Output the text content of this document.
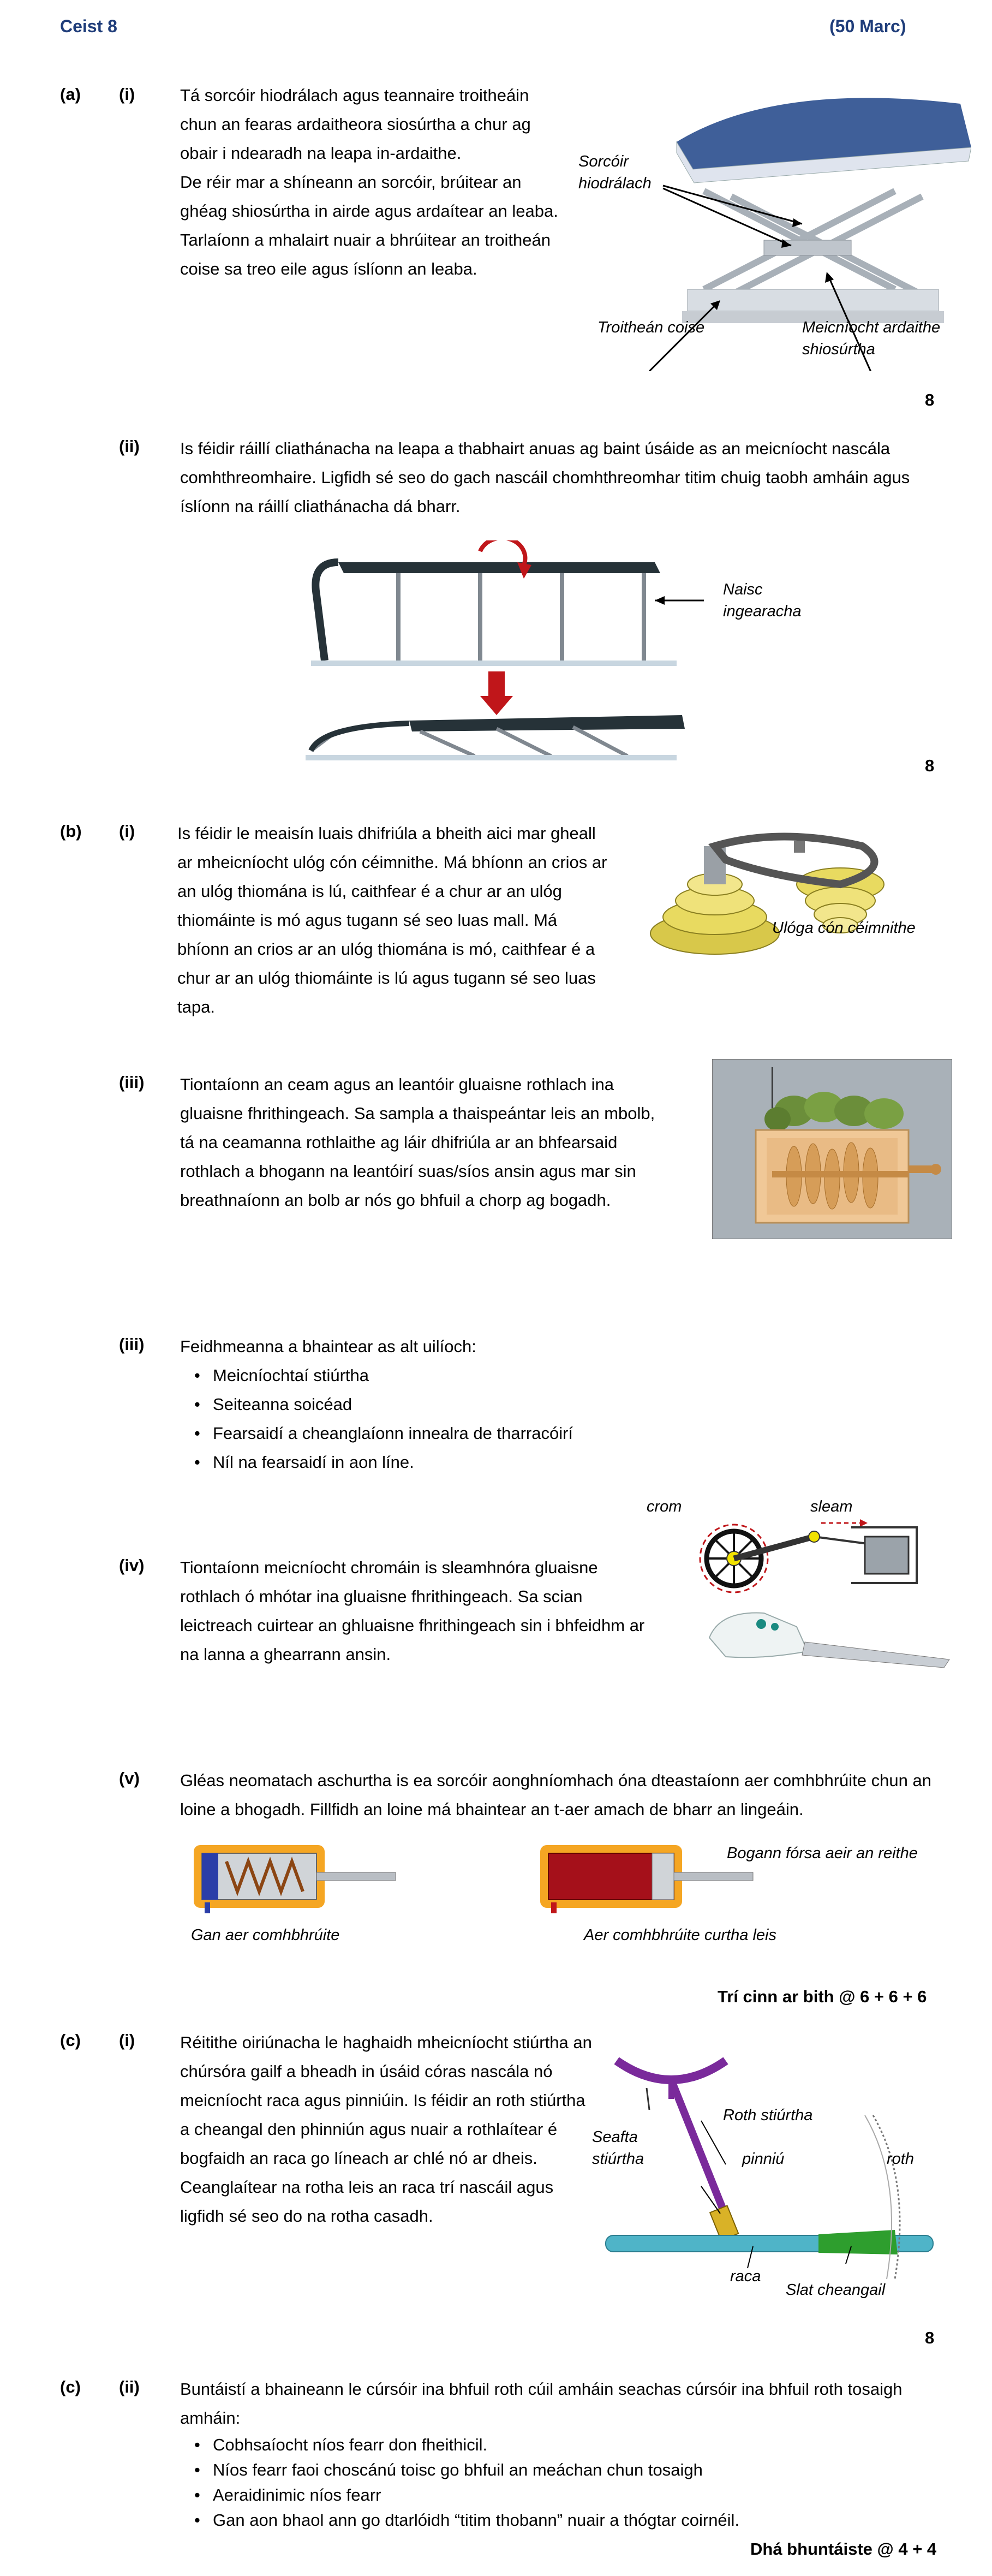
Ceist 8	(50 Marc)
(a) (i)	Tá sorcóir hiodrálach agus teannaire troitheáin chun an fearas ardaitheora siosúrtha a chur ag obair i ndearadh na leapa in-ardaithe.

De réir mar a shíneann an sorcóir, brúitear an ghéag shiosúrtha in airde agus ardaítear an leaba.

Tarlaíonn a mhalairt nuair a bhrúitear an troitheán coise sa treo eile agus íslíonn an leaba.

Sorcóir
hiodrálach
Troitheán coise	Meicníocht ardaithe shiosúrtha
8
(ii) Is féidir ráillí cliathánacha na leapa a thabhairt anuas ag baint úsáide as an meicníocht nascála comhthreomhaire. Ligfidh sé seo do gach nascáil chomhthreomhar titim chuig taobh amháin agus íslíonn na ráillí cliathánacha dá bharr.
Naisc ingearacha
8
(b) (i)	Is féidir le meaisín luais dhifriúla a bheith aici mar gheall ar mheicníocht ulóg cón céimnithe. Má bhíonn an crios ar an ulóg thiomána is lú, caithfear é a chur ar an ulóg thiomáinte is mó agus tugann sé seo luas mall. Má bhíonn an crios ar an ulóg thiomána is mó, caithfear é a chur ar an ulóg thiomáinte is lú agus tugann sé seo luas tapa.
Ulóga cón céimnithe
(iii) Tiontaíonn an ceam agus an leantóir gluaisne rothlach ina gluaisne fhrithingeach. Sa sampla a thaispeántar leis an mbolb, tá na ceamanna rothlaithe ag láir dhifriúla ar an bhfearsaid rothlach a bhogann na leantóirí suas/síos ansin agus mar sin breathnaíonn an bolb ar nós go bhfuil a chorp ag bogadh.
(iii) Feidhmeanna a bhaintear as alt uilíoch:
• Meicníochtaí stiúrtha
• Seiteanna soicéad
• Fearsaidí a cheanglaíonn innealra de tharracóirí
• Níl na fearsaidí in aon líne.
(iv) Tiontaíonn meicníocht chromáin is sleamhnóra gluaisne rothlach ó mhótar ina gluaisne fhrithingeach. Sa scian leictreach cuirtear an ghluaisne fhrithingeach sin i bhfeidhm ar na lanna a ghearrann ansin.
crom	sleam
(v) Gléas neomatach aschurtha is ea sorcóir aonghníomhach óna dteastaíonn aer comhbhrúite chun an loine a bhogadh. Fillfidh an loine má bhaintear an t-aer amach de bharr an lingeáin.
Gan aer comhbhrúite
Bogann fórsa aeir an reithe
Aer comhbhrúite curtha leis
Trí cinn ar bith @ 6 + 6 + 6
(c) (i)	Réitithe oiriúnacha le haghaidh mheicníocht stiúrtha an chúrsóra gailf a bheadh in úsáid córas nascála nó meicníocht raca agus pinniúin. Is féidir an roth stiúrtha a cheangal den phinniún agus nuair a rothlaítear é bogfaidh an raca go líneach ar chlé nó ar dheis. Ceanglaítear na rotha leis an raca trí nascáil agus ligfidh sé seo do na rotha casadh.
Roth stiúrtha
Seafta stiúrtha	pinniú	roth
raca
Slat cheangail
8
(c) (ii) Buntáistí a bhaineann le cúrsóir ina bhfuil roth cúil amháin seachas cúrsóir ina bhfuil roth tosaigh amháin:
• Cobhsaíocht níos fearr don fheithicil.
• Níos fearr faoi choscánú toisc go bhfuil an meáchan chun tosaigh
• Aeraidinimic níos fearr
• Gan aon bhaol ann go dtarlóidh “titim thobann” nuair a thógtar coirnéil.
Dhá bhuntáiste @ 4 + 4
